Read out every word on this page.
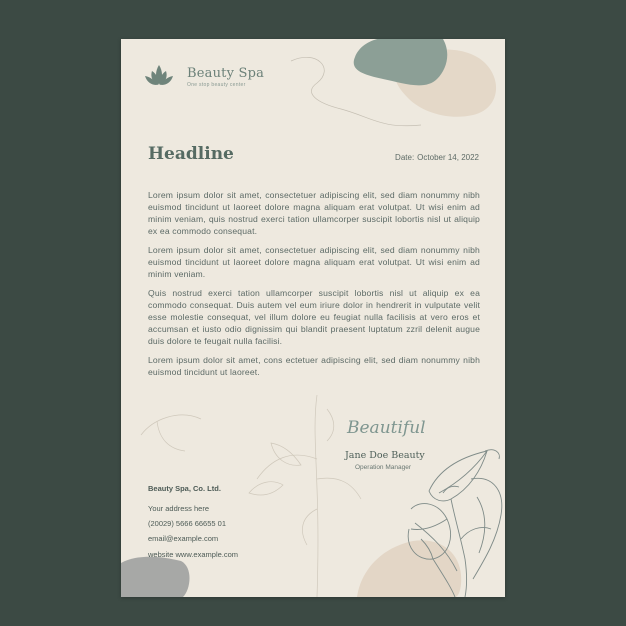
Beauty Spa
One stop beauty center
Headline	Date: October 14, 2022

Lorem ipsum dolor sit amet, consectetuer adipiscing elit, sed diam nonummy nibh euismod tincidunt ut laoreet dolore magna aliquam erat volutpat. Ut wisi enim ad minim veniam, quis nostrud exerci tation ullamcorper suscipit lobortis nisl ut aliquip ex ea commodo consequat.

Lorem ipsum dolor sit amet, consectetuer adipiscing elit, sed diam nonummy nibh euismod tincidunt ut laoreet dolore magna aliquam erat volutpat. Ut wisi enim ad minim veniam.

Quis nostrud exerci tation ullamcorper suscipit lobortis nisl ut aliquip ex ea commodo consequat. Duis autem vel eum iriure dolor in hendrerit in vulputate velit esse molestie consequat, vel illum dolore eu feugiat nulla facilisis at vero eros et accumsan et iusto odio dignissim qui blandit praesent luptatum zzril delenit augue duis dolore te feugait nulla facilisi.

Lorem ipsum dolor sit amet, cons ectetuer adipiscing elit, sed diam nonummy nibh euismod tincidunt ut laoreet.

Beautiful
Jane Doe Beauty
Operation Manager
Beauty Spa, Co. Ltd.
Your address here
(20029) 5666 66655 01
email@example.com
website www.example.com
